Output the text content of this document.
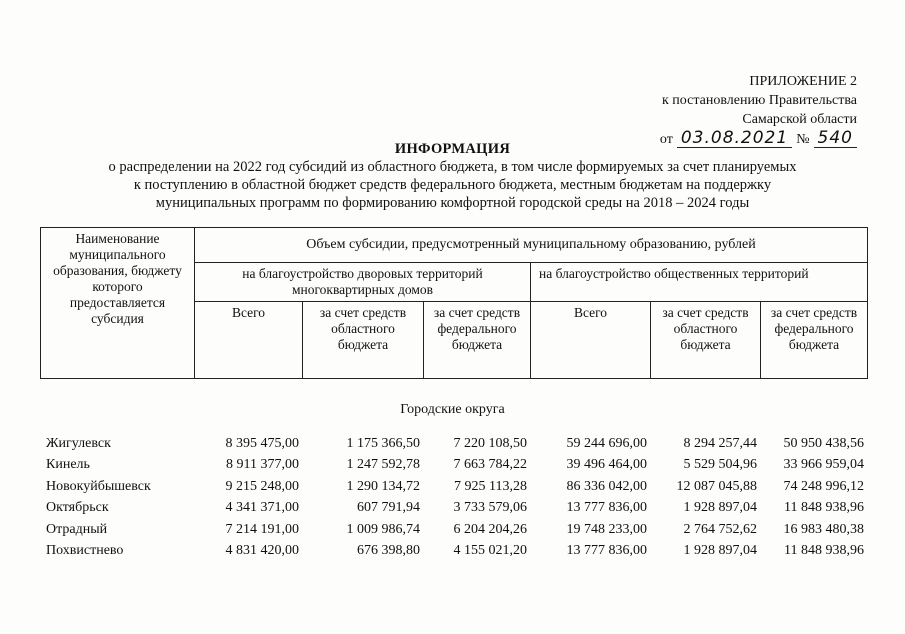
ПРИЛОЖЕНИЕ 2
к постановлению Правительства
Самарской области
от 03.08.2021 № 540
ИНФОРМАЦИЯ
о распределении на 2022 год субсидий из областного бюджета, в том числе формируемых за счет планируемых
к поступлению в областной бюджет средств федерального бюджета, местным бюджетам на поддержку
муниципальных программ по формированию комфортной городской среды на 2018 – 2024 годы
Наименование муниципального образования, бюджету которого предоставляется субсидия	Объем субсидии, предусмотренный муниципальному образованию, рублей					
	на благоустройство дворовых территорий многоквартирных домов			на благоустройство общественных территорий		
	Всего	за счет средств областного бюджета	за счет средств федерального бюджета	Всего	за счет средств областного бюджета	за счет средств федерального бюджета
Городские округа
Жигулевск	8 395 475,00	1 175 366,50	7 220 108,50	59 244 696,00	8 294 257,44	50 950 438,56
Кинель	8 911 377,00	1 247 592,78	7 663 784,22	39 496 464,00	5 529 504,96	33 966 959,04
Новокуйбышевск	9 215 248,00	1 290 134,72	7 925 113,28	86 336 042,00	12 087 045,88	74 248 996,12
Октябрьск	4 341 371,00	607 791,94	3 733 579,06	13 777 836,00	1 928 897,04	11 848 938,96
Отрадный	7 214 191,00	1 009 986,74	6 204 204,26	19 748 233,00	2 764 752,62	16 983 480,38
Похвистнево	4 831 420,00	676 398,80	4 155 021,20	13 777 836,00	1 928 897,04	11 848 938,96
